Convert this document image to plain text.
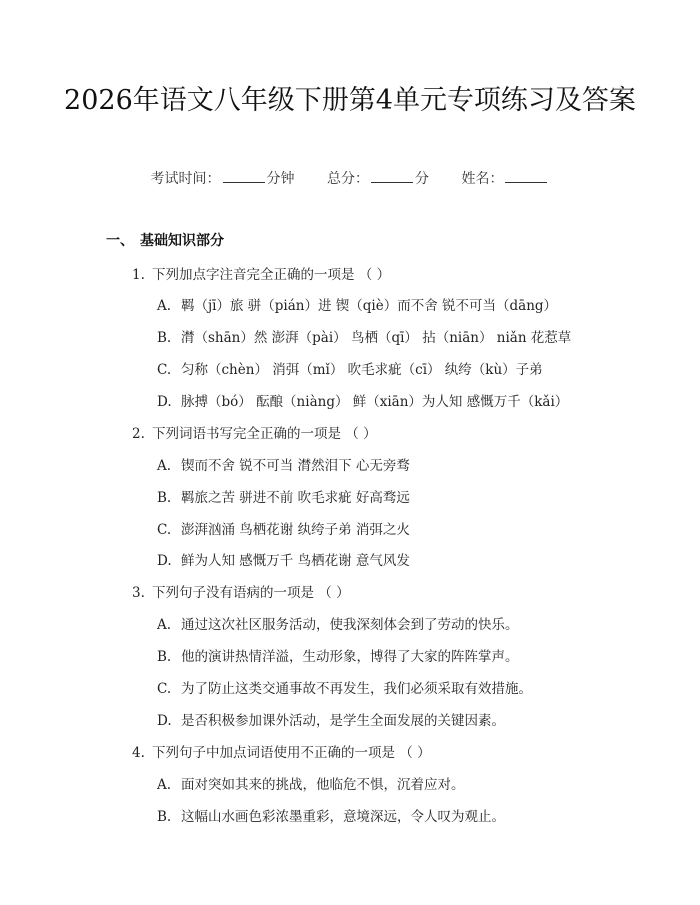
2026年语文八年级下册第4单元专项练习及答案
考试时间：	分钟 总分：	分 姓名：
一、 基础知识部分
1. 下列加点字注音完全正确的一项是 （ ）
A. 羁（jī）旅 骈（pián）进 锲（qiè）而不舍 锐不可当（dāng）
B. 潸（shān）然 澎湃（pài） 鸟栖（qī） 拈（niān） niǎn 花惹草
C. 匀称（chèn） 消弭（mǐ） 吹毛求疵（cī） 纨绔（kù）子弟
D. 脉搏（bó） 酝酿（niàng） 鲜（xiān）为人知 感慨万千（kǎi）
2. 下列词语书写完全正确的一项是 （ ）
A. 锲而不舍 锐不可当 潸然泪下 心无旁骛
B. 羁旅之苦 骈进不前 吹毛求疵 好高骛远
C. 澎湃汹涌 鸟栖花谢 纨绔子弟 消弭之火
D. 鲜为人知 感慨万千 鸟栖花谢 意气风发
3. 下列句子没有语病的一项是 （ ）
A. 通过这次社区服务活动，使我深刻体会到了劳动的快乐。
B. 他的演讲热情洋溢，生动形象，博得了大家的阵阵掌声。
C. 为了防止这类交通事故不再发生，我们必须采取有效措施。
D. 是否积极参加课外活动，是学生全面发展的关键因素。
4. 下列句子中加点词语使用不正确的一项是 （ ）
A. 面对突如其来的挑战，他临危不惧，沉着应对。
B. 这幅山水画色彩浓墨重彩，意境深远，令人叹为观止。
